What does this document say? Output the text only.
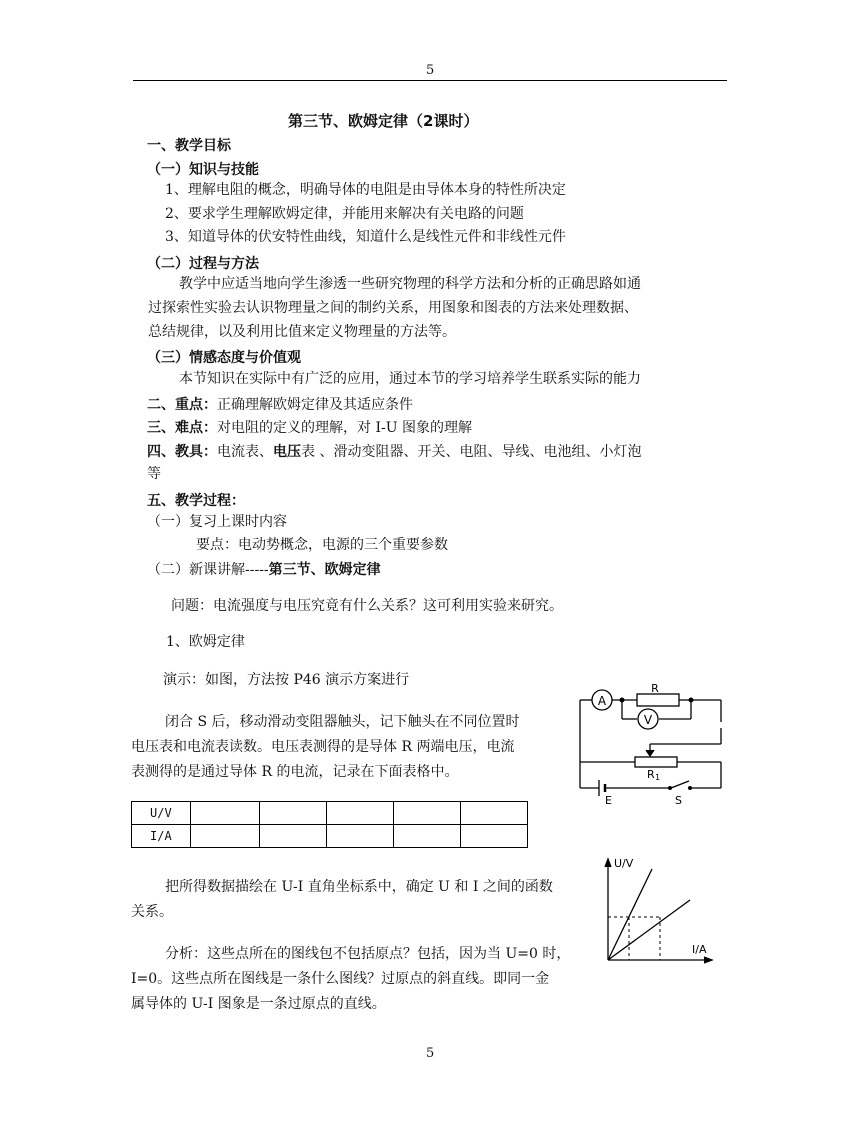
5
第三节、欧姆定律（2课时）
一、教学目标
（一）知识与技能
1、理解电阻的概念，明确导体的电阻是由导体本身的特性所决定
2、要求学生理解欧姆定律，并能用来解决有关电路的问题
3、知道导体的伏安特性曲线，知道什么是线性元件和非线性元件
（二）过程与方法
教学中应适当地向学生渗透一些研究物理的科学方法和分析的正确思路如通
过探索性实验去认识物理量之间的制约关系，用图象和图表的方法来处理数据、
总结规律，以及利用比值来定义物理量的方法等。
（三）情感态度与价值观
本节知识在实际中有广泛的应用，通过本节的学习培养学生联系实际的能力
二、重点：正确理解欧姆定律及其适应条件
三、难点：对电阻的定义的理解，对 I-U 图象的理解
四、教具：电流表、电压表 、滑动变阻器、开关、电阻、导线、电池组、小灯泡
等
五、教学过程：
（一）复习上课时内容
要点：电动势概念，电源的三个重要参数
（二）新课讲解-----第三节、欧姆定律
问题：电流强度与电压究竟有什么关系？这可利用实验来研究。
1、欧姆定律
演示：如图，方法按 P46 演示方案进行
闭合 S 后，移动滑动变阻器触头，记下触头在不同位置时
电压表和电流表读数。电压表测得的是导体 R 两端电压，电流
表测得的是通过导体 R 的电流，记录在下面表格中。
U/V					
I/A					
把所得数据描绘在 U-I 直角坐标系中，确定 U 和 I 之间的函数
关系。
分析：这些点所在的图线包不包括原点？包括，因为当 U=0 时，
I=0。这些点所在图线是一条什么图线？过原点的斜直线。即同一金
属导体的 U-I 图象是一条过原点的直线。
A
V
R
R 1
E	S
U/V
I/A
5
